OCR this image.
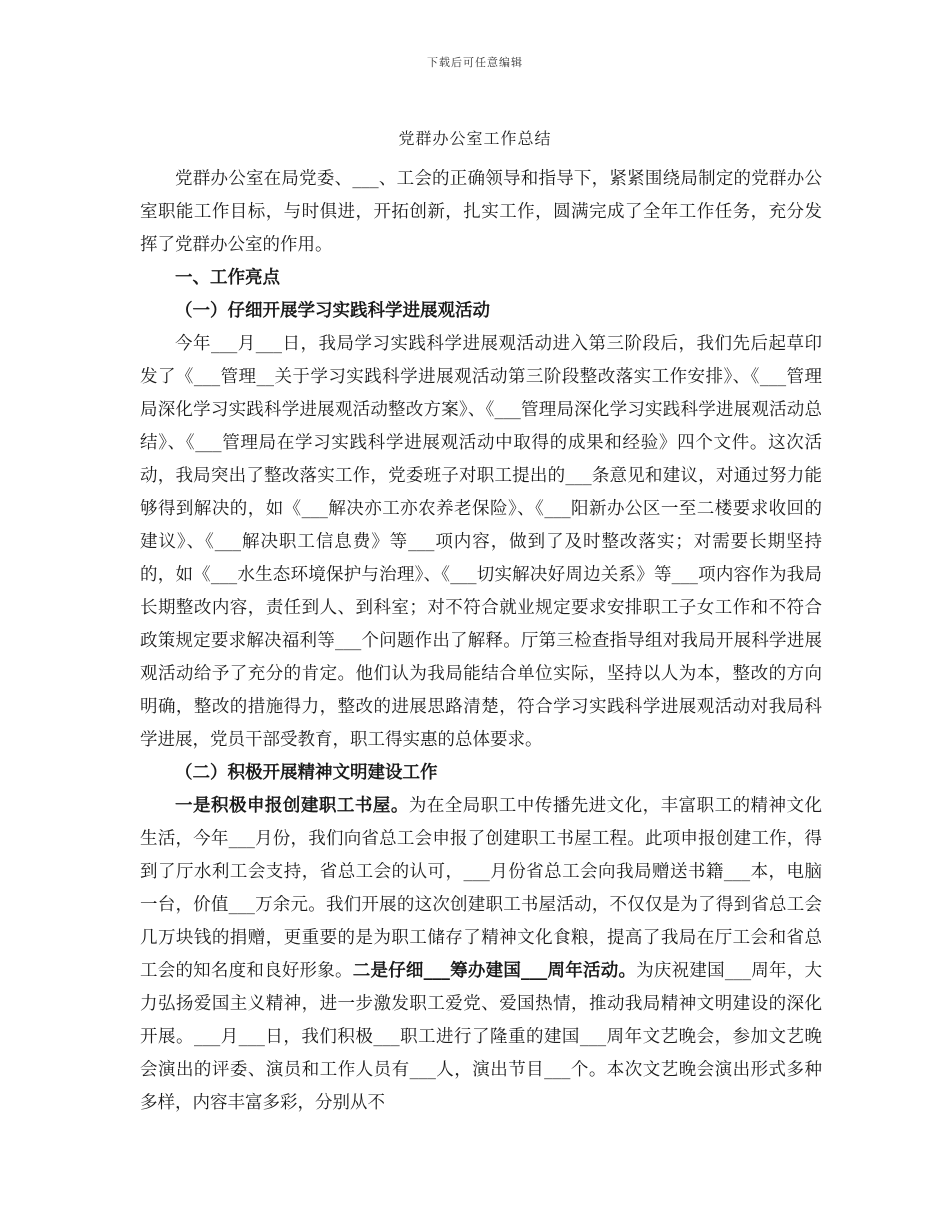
下载后可任意编辑
党群办公室工作总结

党群办公室在局党委、___、工会的正确领导和指导下，紧紧围绕局制定的党群办公室职能工作目标，与时俱进，开拓创新，扎实工作，圆满完成了全年工作任务，充分发挥了党群办公室的作用。

一、工作亮点

（一）仔细开展学习实践科学进展观活动

今年___月___日，我局学习实践科学进展观活动进入第三阶段后，我们先后起草印发了《___管理__关于学习实践科学进展观活动第三阶段整改落实工作安排》、《___管理局深化学习实践科学进展观活动整改方案》、《___管理局深化学习实践科学进展观活动总结》、《___管理局在学习实践科学进展观活动中取得的成果和经验》四个文件。这次活动，我局突出了整改落实工作，党委班子对职工提出的___条意见和建议，对通过努力能够得到解决的，如《___解决亦工亦农养老保险》、《___阳新办公区一至二楼要求收回的建议》、《___解决职工信息费》等___项内容，做到了及时整改落实；对需要长期坚持的，如《___水生态环境保护与治理》、《___切实解决好周边关系》等___项内容作为我局长期整改内容，责任到人、到科室；对不符合就业规定要求安排职工子女工作和不符合政策规定要求解决福利等___个问题作出了解释。厅第三检查指导组对我局开展科学进展观活动给予了充分的肯定。他们认为我局能结合单位实际，坚持以人为本，整改的方向明确，整改的措施得力，整改的进展思路清楚，符合学习实践科学进展观活动对我局科学进展，党员干部受教育，职工得实惠的总体要求。

（二）积极开展精神文明建设工作

一是积极申报创建职工书屋。为在全局职工中传播先进文化，丰富职工的精神文化生活，今年___月份，我们向省总工会申报了创建职工书屋工程。此项申报创建工作，得到了厅水利工会支持，省总工会的认可，___月份省总工会向我局赠送书籍___本，电脑一台，价值___万余元。我们开展的这次创建职工书屋活动，不仅仅是为了得到省总工会几万块钱的捐赠，更重要的是为职工储存了精神文化食粮，提高了我局在厅工会和省总工会的知名度和良好形象。二是仔细___筹办建国___周年活动。为庆祝建国___周年，大力弘扬爱国主义精神，进一步激发职工爱党、爱国热情，推动我局精神文明建设的深化开展。___月___日，我们积极___职工进行了隆重的建国___周年文艺晚会，参加文艺晚会演出的评委、演员和工作人员有___人，演出节目___个。本次文艺晚会演出形式多种多样，内容丰富多彩，分别从不
